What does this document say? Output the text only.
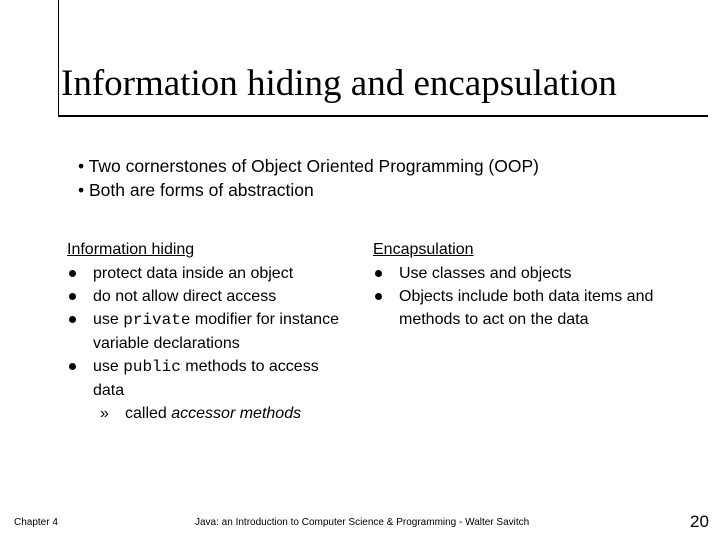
Information hiding and encapsulation
• Two cornerstones of Object Oriented Programming (OOP)
• Both are forms of abstraction
Information hiding
protect data inside an object
do not allow direct access
use private modifier for instance variable declarations
use public methods to access data
» called accessor methods
Encapsulation
Use classes and objects
Objects include both data items and methods to act on the data
Chapter 4	Java: an Introduction to Computer Science & Programming - Walter Savitch	20
